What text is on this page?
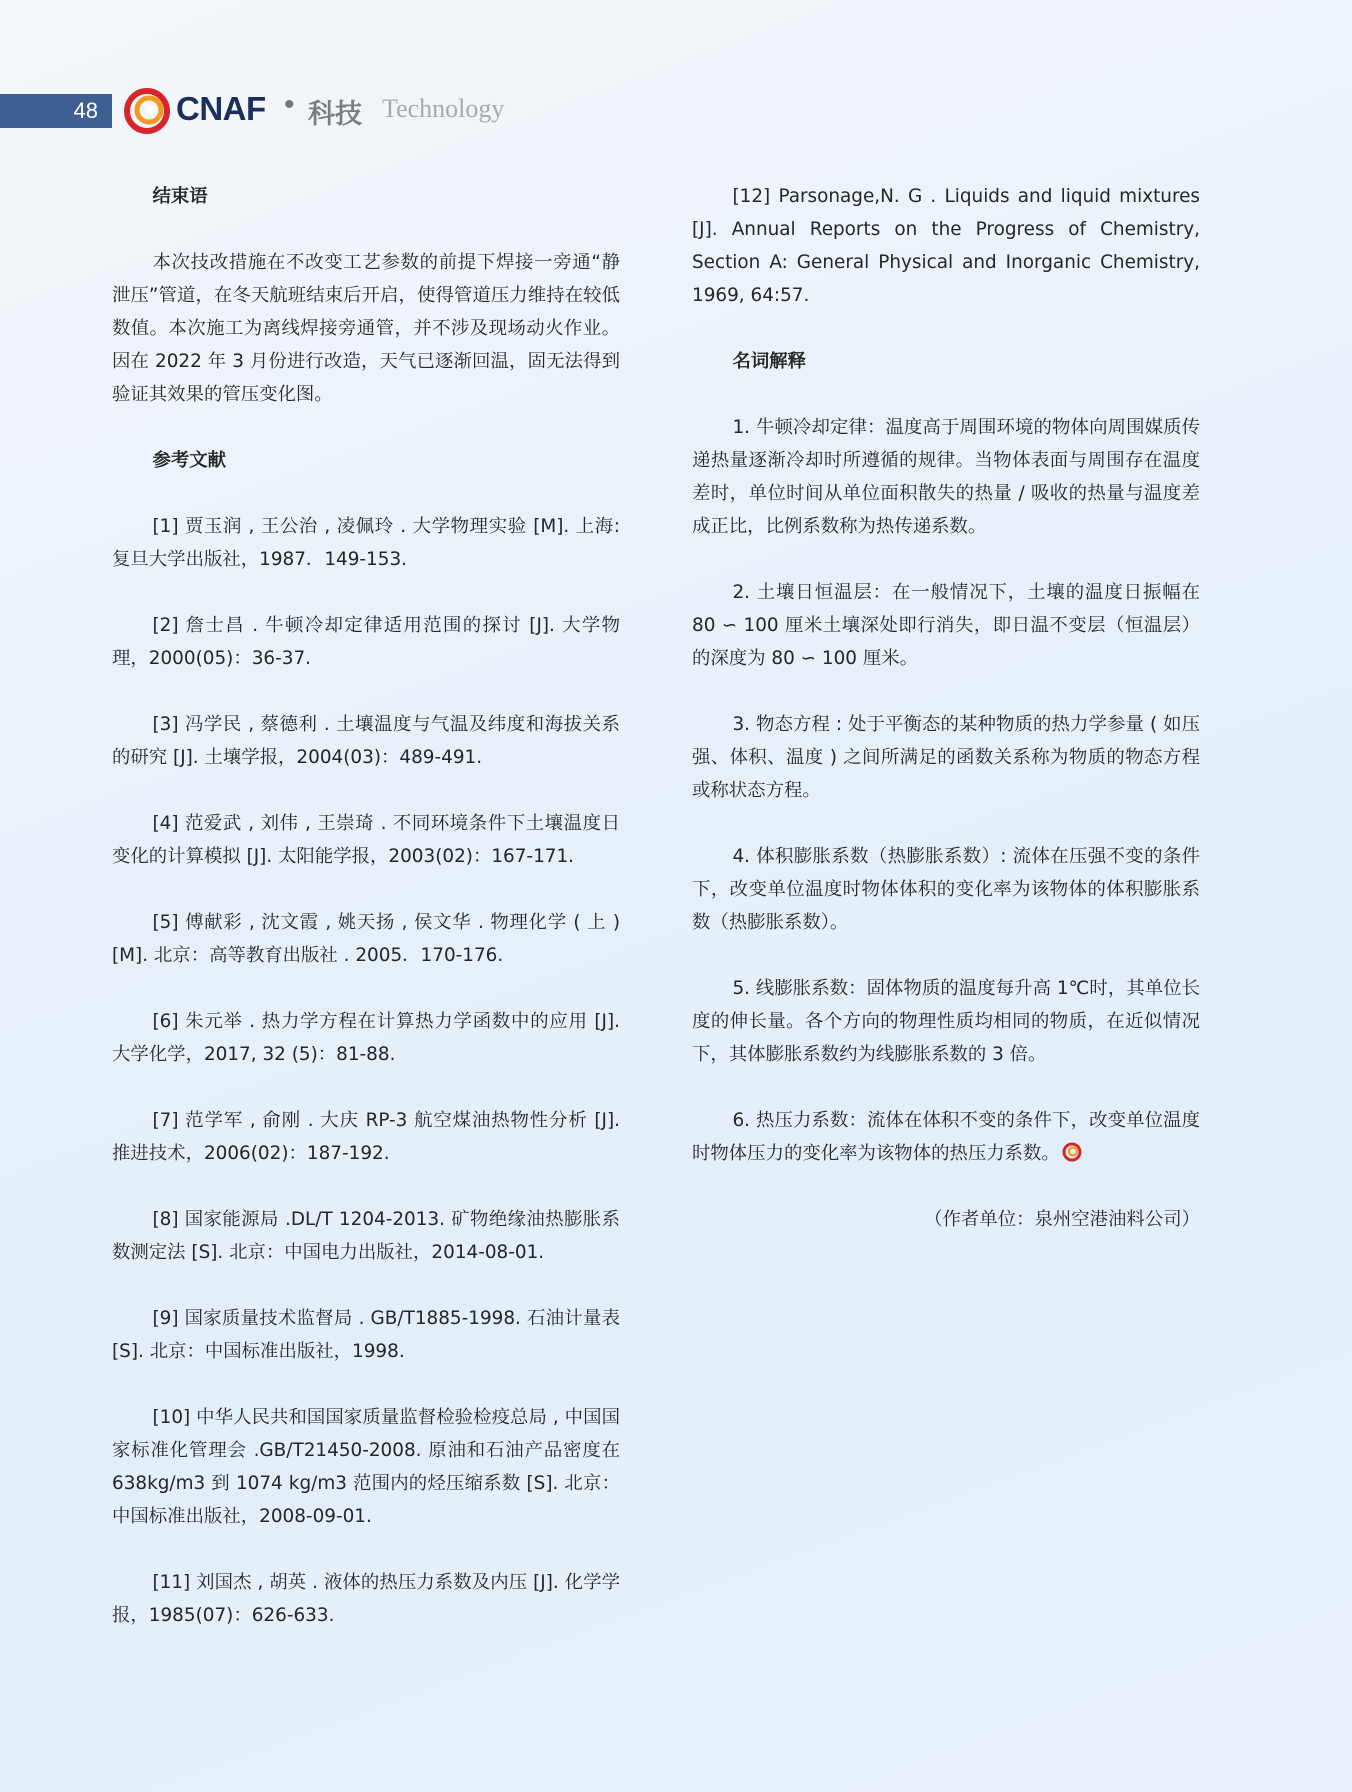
48	CNAF • 科技 Technology
结束语

本次技改措施在不改变工艺参数的前提下焊接一旁通“静泄压”管道，在冬天航班结束后开启，使得管道压力维持在较低数值。本次施工为离线焊接旁通管，并不涉及现场动火作业。因在 2022 年 3 月份进行改造，天气已逐渐回温，固无法得到验证其效果的管压变化图。

参考文献

[1] 贾玉润 , 王公治 , 凌佩玲 . 大学物理实验 [M]. 上海: 复旦大学出版社，1987．149-153.

[2] 詹士昌 . 牛顿冷却定律适用范围的探讨 [J]. 大学物理，2000(05)：36-37.

[3] 冯学民 , 蔡德利 . 土壤温度与气温及纬度和海拔关系的研究 [J]. 土壤学报，2004(03)：489-491.

[4] 范爱武 , 刘伟 , 王崇琦 . 不同环境条件下土壤温度日变化的计算模拟 [J]. 太阳能学报，2003(02)：167-171.

[5] 傅献彩 , 沈文霞 , 姚天扬 , 侯文华 . 物理化学 ( 上 ) [M]. 北京：高等教育出版社 . 2005．170-176.

[6] 朱元举 . 热力学方程在计算热力学函数中的应用 [J]. 大学化学，2017, 32 (5)：81-88.

[7] 范学军 , 俞刚 . 大庆 RP-3 航空煤油热物性分析 [J]. 推进技术，2006(02)：187-192.

[8] 国家能源局 .DL/T 1204-2013. 矿物绝缘油热膨胀系数测定法 [S]. 北京：中国电力出版社，2014-08-01.

[9] 国家质量技术监督局 . GB/T1885-1998. 石油计量表 [S]. 北京：中国标准出版社，1998.

[10] 中华人民共和国国家质量监督检验检疫总局 , 中国国家标准化管理会 .GB/T21450-2008. 原油和石油产品密度在 638kg/m3 到 1074 kg/m3 范围内的烃压缩系数 [S]. 北京：中国标准出版社，2008-09-01.

[11] 刘国杰 , 胡英 . 液体的热压力系数及内压 [J]. 化学学报，1985(07)：626-633.

[12] Parsonage,N. G . Liquids and liquid mixtures [J]. Annual Reports on the Progress of Chemistry, Section A: General Physical and Inorganic Chemistry, 1969, 64:57.

名词解释

1. 牛顿冷却定律：温度高于周围环境的物体向周围媒质传递热量逐渐冷却时所遵循的规律。当物体表面与周围存在温度差时，单位时间从单位面积散失的热量 / 吸收的热量与温度差成正比，比例系数称为热传递系数。

2. 土壤日恒温层：在一般情况下，土壤的温度日振幅在 80 ∽ 100 厘米土壤深处即行消失，即日温不变层（恒温层）的深度为 80 ∽ 100 厘米。

3. 物态方程 : 处于平衡态的某种物质的热力学参量 ( 如压强、体积、温度 ) 之间所满足的函数关系称为物质的物态方程或称状态方程。

4. 体积膨胀系数（热膨胀系数）: 流体在压强不变的条件下，改变单位温度时物体体积的变化率为该物体的体积膨胀系数（热膨胀系数）。

5. 线膨胀系数：固体物质的温度每升高 1℃时，其单位长度的伸长量。各个方向的物理性质均相同的物质，在近似情况下，其体膨胀系数约为线膨胀系数的 3 倍。

6. 热压力系数：流体在体积不变的条件下，改变单位温度时物体压力的变化率为该物体的热压力系数。

（作者单位：泉州空港油料公司）
